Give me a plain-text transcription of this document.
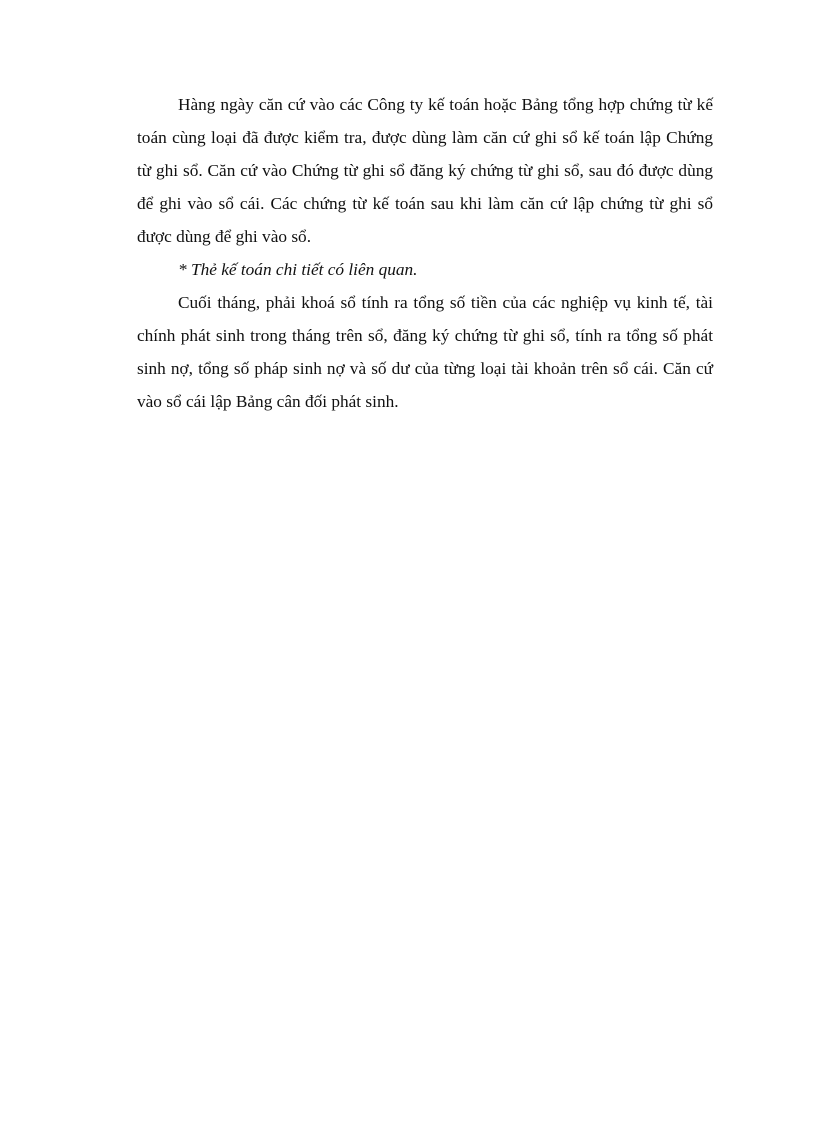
Hàng ngày căn cứ vào các Công ty kế toán hoặc Bảng tổng hợp chứng từ kế toán cùng loại đã được kiểm tra, được dùng làm căn cứ ghi sổ kế toán lập Chứng từ ghi sổ. Căn cứ vào Chứng từ ghi sổ đăng ký chứng từ ghi sổ, sau đó được dùng để ghi vào sổ cái. Các chứng từ kế toán sau khi làm căn cứ lập chứng từ ghi sổ được dùng để ghi vào sổ.

* Thẻ kế toán chi tiết có liên quan.

Cuối tháng, phải khoá sổ tính ra tổng số tiền của các nghiệp vụ kinh tế, tài chính phát sinh trong tháng trên sổ, đăng ký chứng từ ghi sổ, tính ra tổng số phát sinh nợ, tổng số pháp sinh nợ và số dư của từng loại tài khoản trên sổ cái. Căn cứ vào sổ cái lập Bảng cân đối phát sinh.
